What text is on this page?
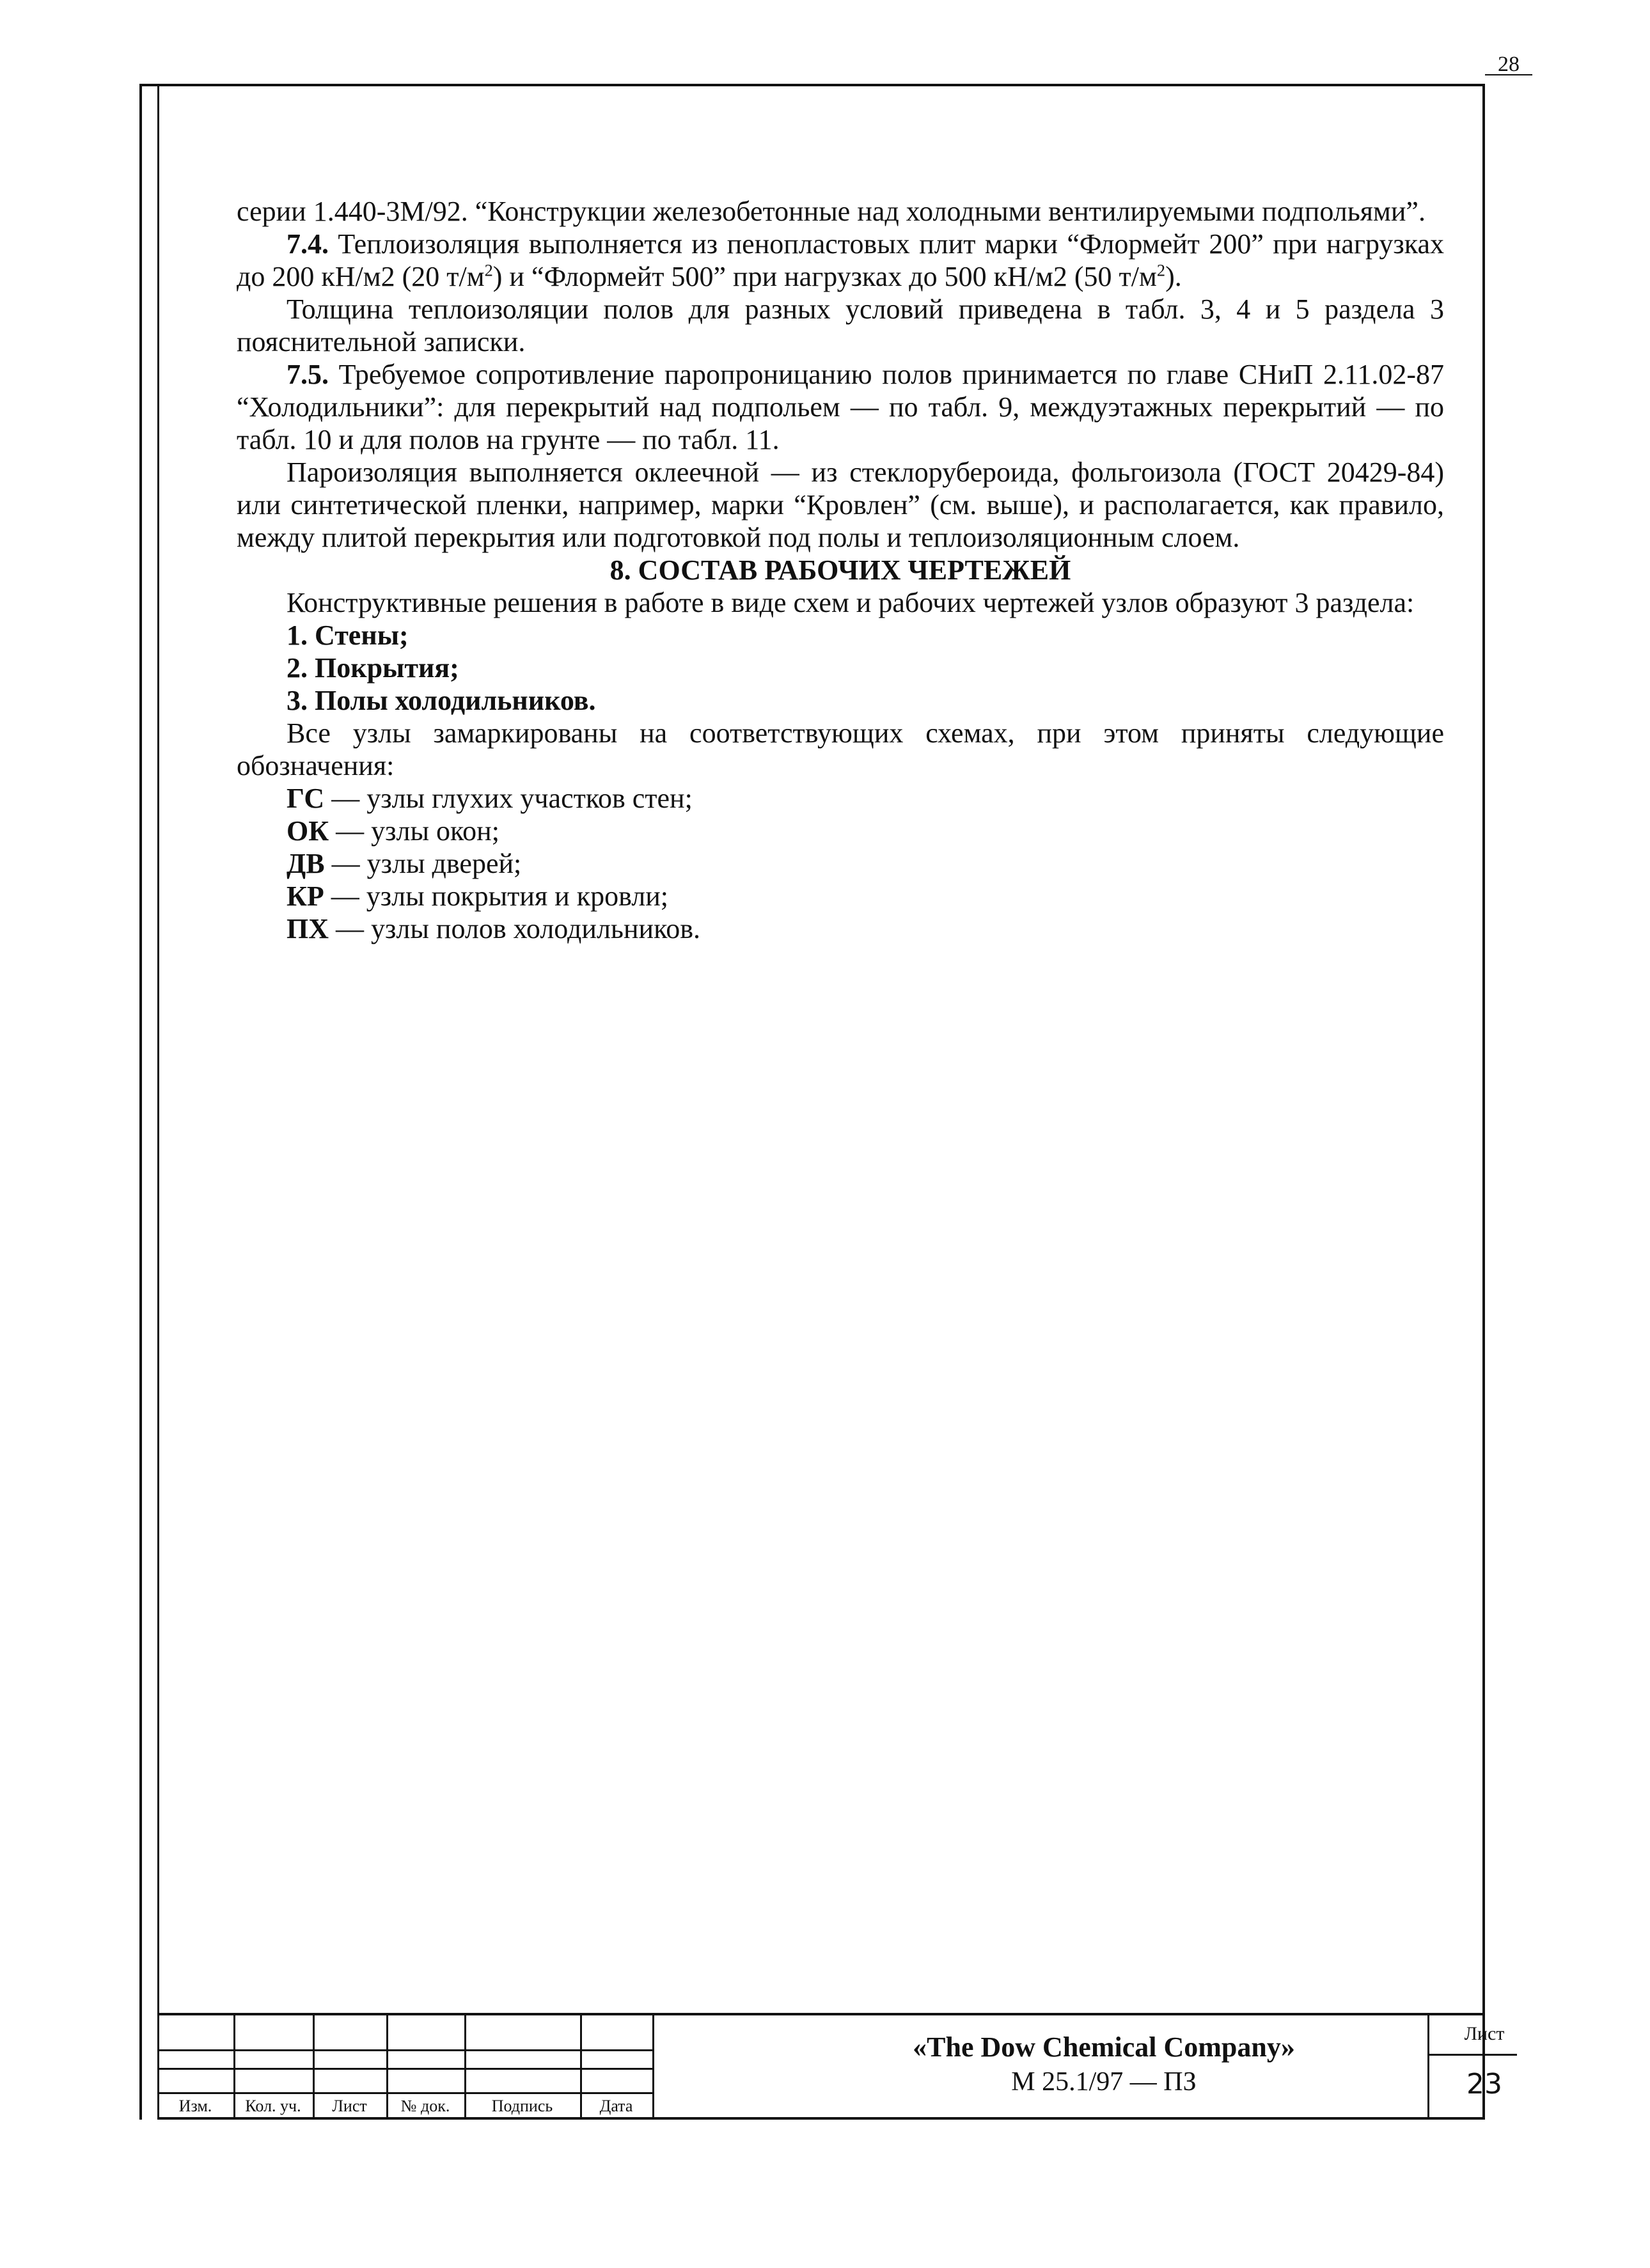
28

серии 1.440-3М/92. “Конструкции железобетонные над холодными вентилируемыми подпольями”.

7.4. Теплоизоляция выполняется из пенопластовых плит марки “Флормейт 200” при нагрузках до 200 кН/м2 (20 $т/м^2$) и “Флормейт 500” при нагрузках до 500 кН/м2 (50 $т/м^2$).

Толщина теплоизоляции полов для разных условий приведена в табл. 3, 4 и 5 раздела 3 пояснительной записки.

7.5. Требуемое сопротивление паропроницанию полов принимается по главе СНиП 2.11.02-87 “Холодильники”: для перекрытий над подпольем — по табл. 9, междуэтажных перекрытий — по табл. 10 и для полов на грунте — по табл. 11.

Пароизоляция выполняется оклеечной — из стеклорубероида, фольгоизола (ГОСТ 20429-84) или синтетической пленки, например, марки “Кровлен” (см. выше), и располагается, как правило, между плитой перекрытия или подготовкой под полы и теплоизоляционным слоем.

8. СОСТАВ РАБОЧИХ ЧЕРТЕЖЕЙ

Конструктивные решения в работе в виде схем и рабочих чертежей узлов образуют 3 раздела:

1. Стены;

2. Покрытия;

3. Полы холодильников.

Все узлы замаркированы на соответствующих схемах, при этом приняты следующие обозначения:

ГС — узлы глухих участков стен;

ОК — узлы окон;

ДВ — узлы дверей;

КР — узлы покрытия и кровли;

ПХ — узлы полов холодильников.

Изм.	Кол. уч.	Лист	№ док.	Подпись	Дата
«The Dow Chemical Company»
М 25.1/97 — ПЗ
Лист
23
